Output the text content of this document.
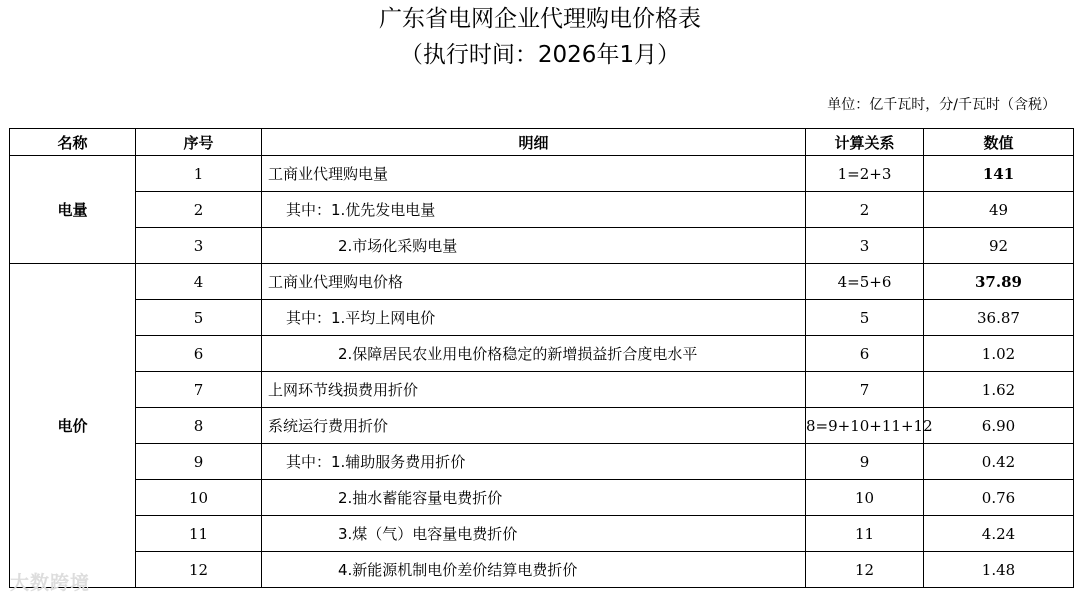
广东省电网企业代理购电价格表
（执行时间：2026年1月）
单位：亿千瓦时，分/千瓦时（含税）
名称	序号	明细	计算关系	数值
电量	1	工商业代理购电量	1=2+3	141
	2	其中：1.优先发电电量	2	49
	3	2.市场化采购电量	3	92
电价	4	工商业代理购电价格	4=5+6	37.89
	5	其中：1.平均上网电价	5	36.87
	6	2.保障居民农业用电价格稳定的新增损益折合度电水平	6	1.02
	7	上网环节线损费用折价	7	1.62
	8	系统运行费用折价	8=9+10+11+12	6.90
	9	其中：1.辅助服务费用折价	9	0.42
	10	2.抽水蓄能容量电费折价	10	0.76
	11	3.煤（气）电容量电费折价	11	4.24
	12	4.新能源机制电价差价结算电费折价	12	1.48
大数跨境
